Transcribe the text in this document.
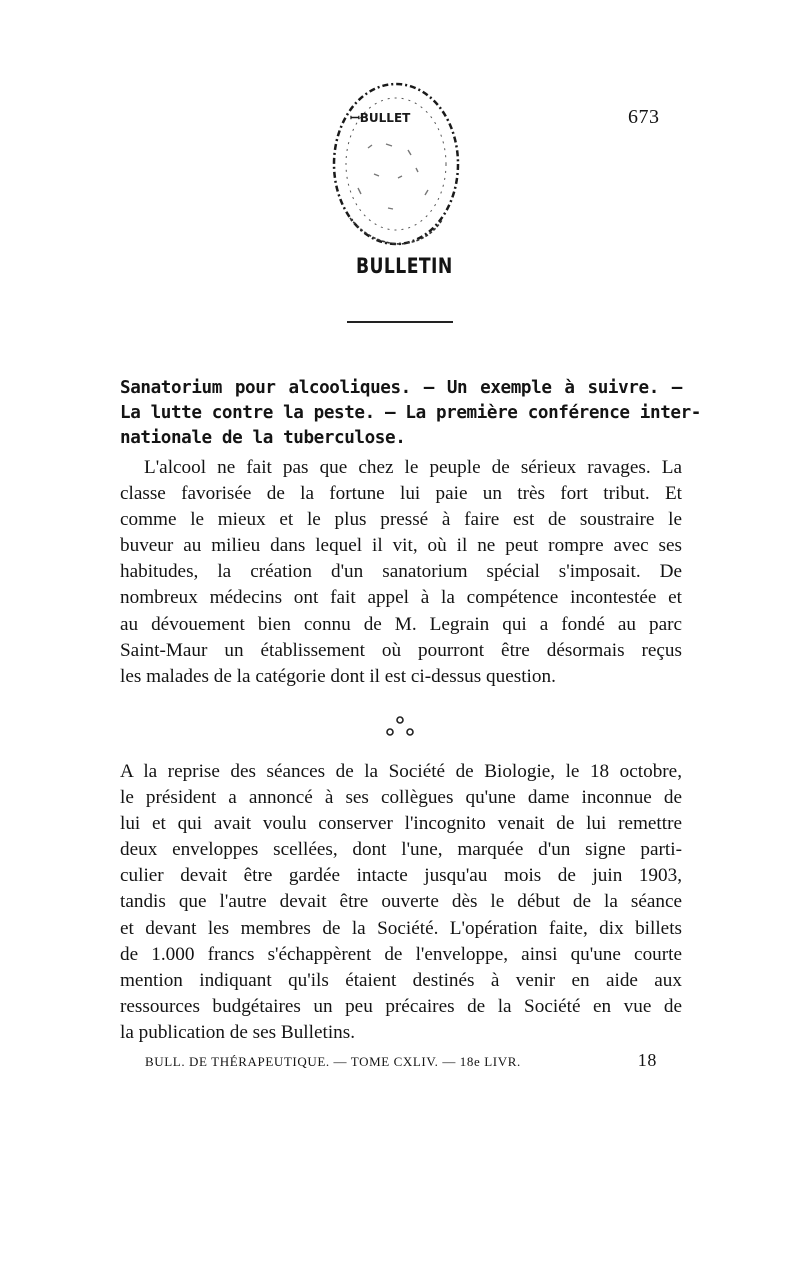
673
ꟷBULLET
BULLETIN
Sanatorium pour alcooliques. — Un exemple à suivre. —
La lutte contre la peste. — La première conférence inter-
nationale de la tuberculose.
L'alcool ne fait pas que chez le peuple de sérieux ravages. La
classe favorisée de la fortune lui paie un très fort tribut. Et
comme le mieux et le plus pressé à faire est de soustraire le
buveur au milieu dans lequel il vit, où il ne peut rompre avec ses
habitudes, la création d'un sanatorium spécial s'imposait. De
nombreux médecins ont fait appel à la compétence incontestée et
au dévouement bien connu de M. Legrain qui a fondé au parc
Saint-Maur un établissement où pourront être désormais reçus
les malades de la catégorie dont il est ci-dessus question.
A la reprise des séances de la Société de Biologie, le 18 octobre,
le président a annoncé à ses collègues qu'une dame inconnue de
lui et qui avait voulu conserver l'incognito venait de lui remettre
deux enveloppes scellées, dont l'une, marquée d'un signe parti-
culier devait être gardée intacte jusqu'au mois de juin 1903,
tandis que l'autre devait être ouverte dès le début de la séance
et devant les membres de la Société. L'opération faite, dix billets
de 1.000 francs s'échappèrent de l'enveloppe, ainsi qu'une courte
mention indiquant qu'ils étaient destinés à venir en aide aux
ressources budgétaires un peu précaires de la Société en vue de
la publication de ses Bulletins.
BULL. DE THÉRAPEUTIQUE. — TOME CXLIV. — 18e LIVR.	18
